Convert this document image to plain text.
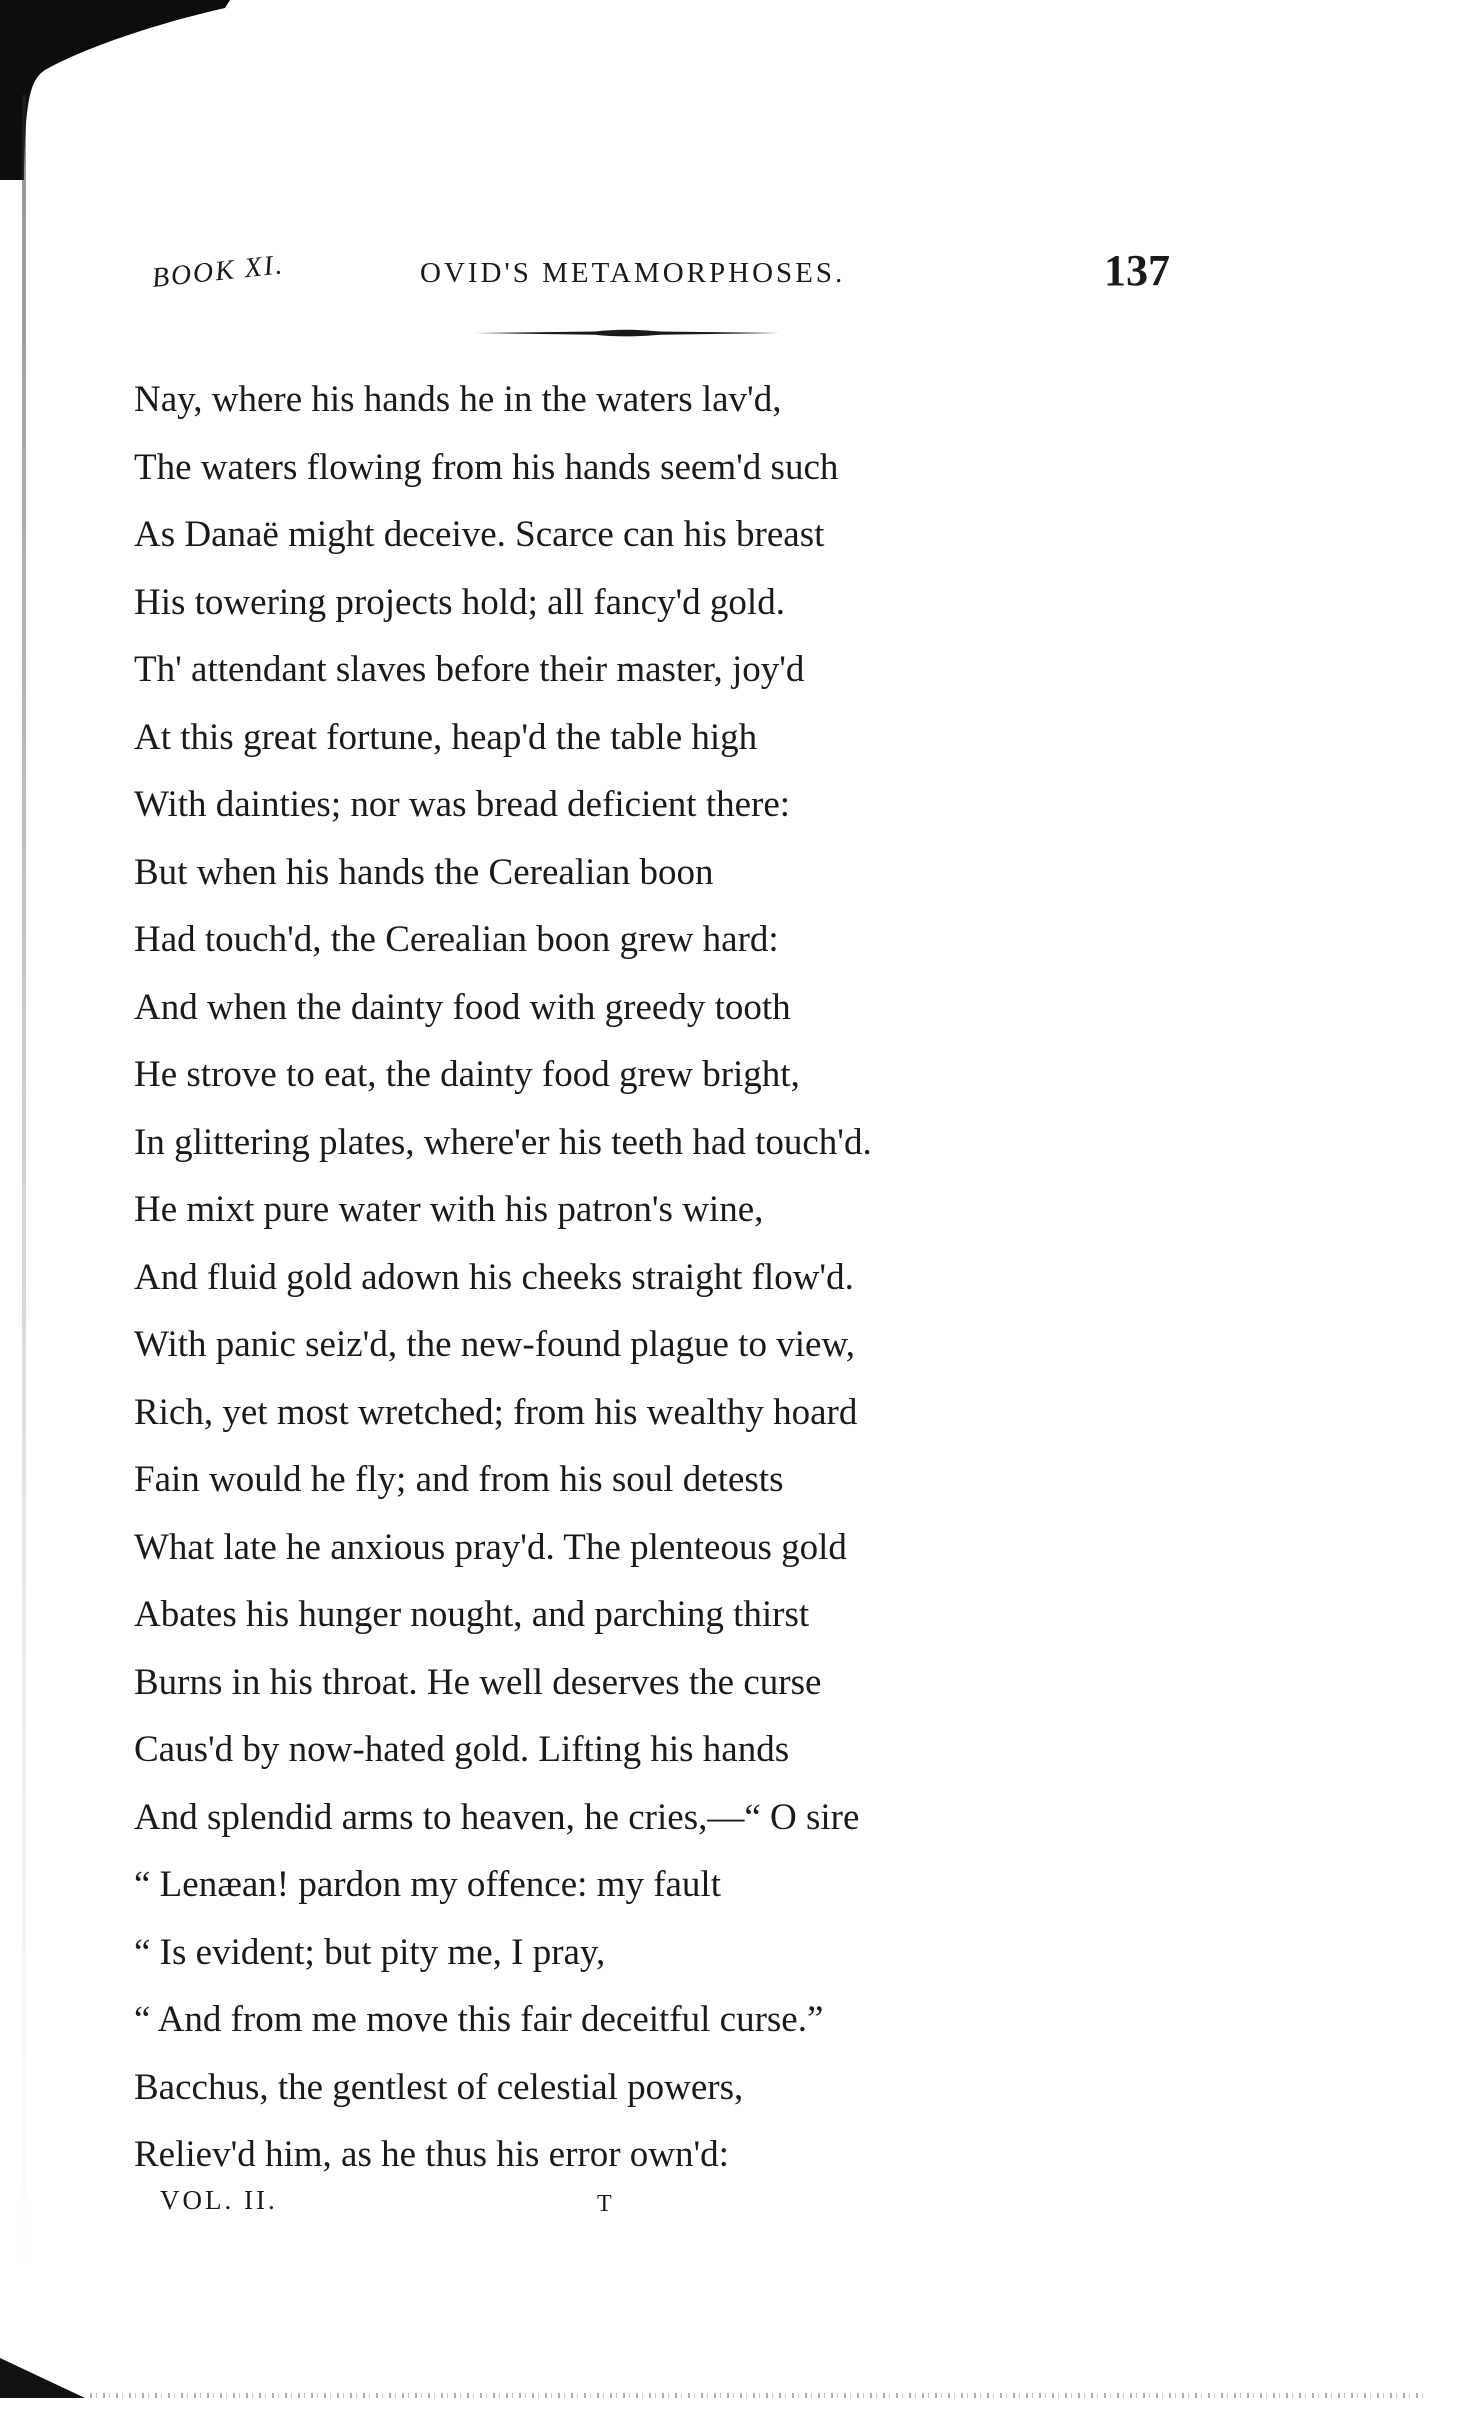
BOOK XI.	OVID'S METAMORPHOSES.	137
Nay, where his hands he in the waters lav'd,
The waters flowing from his hands seem'd such
As Danaë might deceive. Scarce can his breast
His towering projects hold; all fancy'd gold.
Th' attendant slaves before their master, joy'd
At this great fortune, heap'd the table high
With dainties; nor was bread deficient there:
But when his hands the Cerealian boon
Had touch'd, the Cerealian boon grew hard:
And when the dainty food with greedy tooth
He strove to eat, the dainty food grew bright,
In glittering plates, where'er his teeth had touch'd.
He mixt pure water with his patron's wine,
And fluid gold adown his cheeks straight flow'd.
With panic seiz'd, the new-found plague to view,
Rich, yet most wretched; from his wealthy hoard
Fain would he fly; and from his soul detests
What late he anxious pray'd. The plenteous gold
Abates his hunger nought, and parching thirst
Burns in his throat. He well deserves the curse
Caus'd by now-hated gold. Lifting his hands
And splendid arms to heaven, he cries,—“ O sire
“ Lenæan! pardon my offence: my fault
“ Is evident; but pity me, I pray,
“ And from me move this fair deceitful curse.”
Bacchus, the gentlest of celestial powers,
Reliev'd him, as he thus his error own'd:
VOL. II.	T
